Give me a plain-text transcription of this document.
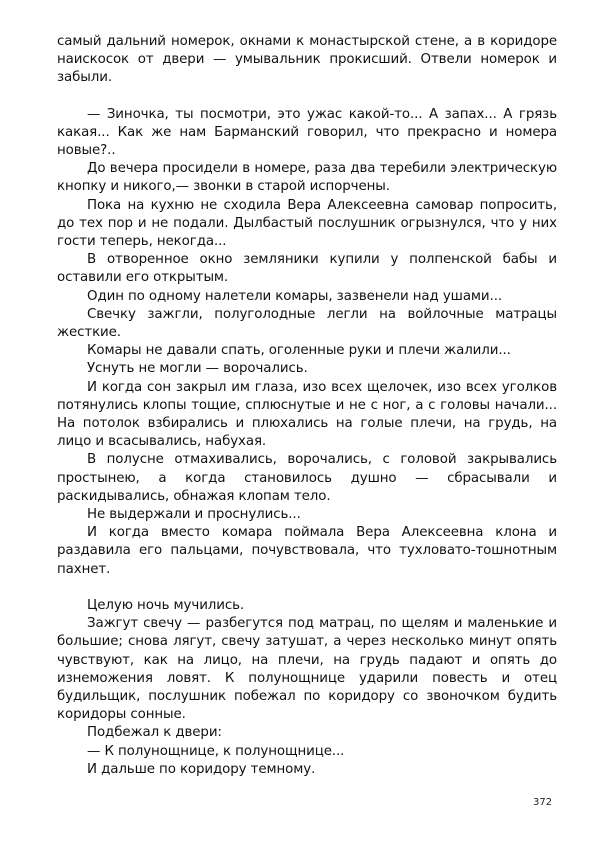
самый дальний номерок, окнами к монастырской стене, а в коридоре наискосок от двери — умывальник прокисший. Отвели номерок и забыли.

— Зиночка, ты посмотри, это ужас какой-то... А запах... А грязь какая... Как же нам Барманский говорил, что прекрасно и номера новые?..

До вечера просидели в номере, раза два теребили электрическую кнопку и никого,— звонки в старой испорчены.

Пока на кухню не сходила Вера Алексеевна самовар попросить, до тех пор и не подали. Дылбастый послушник огрызнулся, что у них гости теперь, некогда...

В отворенное окно земляники купили у полпенской бабы и оставили его открытым.

Один по одному налетели комары, зазвенели над ушами...

Свечку зажгли, полуголодные легли на войлочные матрацы жесткие.

Комары не давали спать, оголенные руки и плечи жалили...

Уснуть не могли — ворочались.

И когда сон закрыл им глаза, изо всех щелочек, изо всех уголков потянулись клопы тощие, сплюснутые и не с ног, а с головы начали... На потолок взбирались и плюхались на голые плечи, на грудь, на лицо и всасывались, набухая.

В полусне отмахивались, ворочались, с головой закрывались простынею, а когда становилось душно — сбрасывали и раскидывались, обнажая клопам тело.

Не выдержали и проснулись...

И когда вместо комара поймала Вера Алексеевна клона и раздавила его пальцами, почувствовала, что тухловато-тошнотным пахнет.

Целую ночь мучились.

Зажгут свечу — разбегутся под матрац, по щелям и маленькие и большие; снова лягут, свечу затушат, а через несколько минут опять чувствуют, как на лицо, на плечи, на грудь падают и опять до изнеможения ловят. К полунощнице ударили повесть и отец будильщик, послушник побежал по коридору со звоночком будить коридоры сонные.

Подбежал к двери:

— К полунощнице, к полунощнице...

И дальше по коридору темному.

372
